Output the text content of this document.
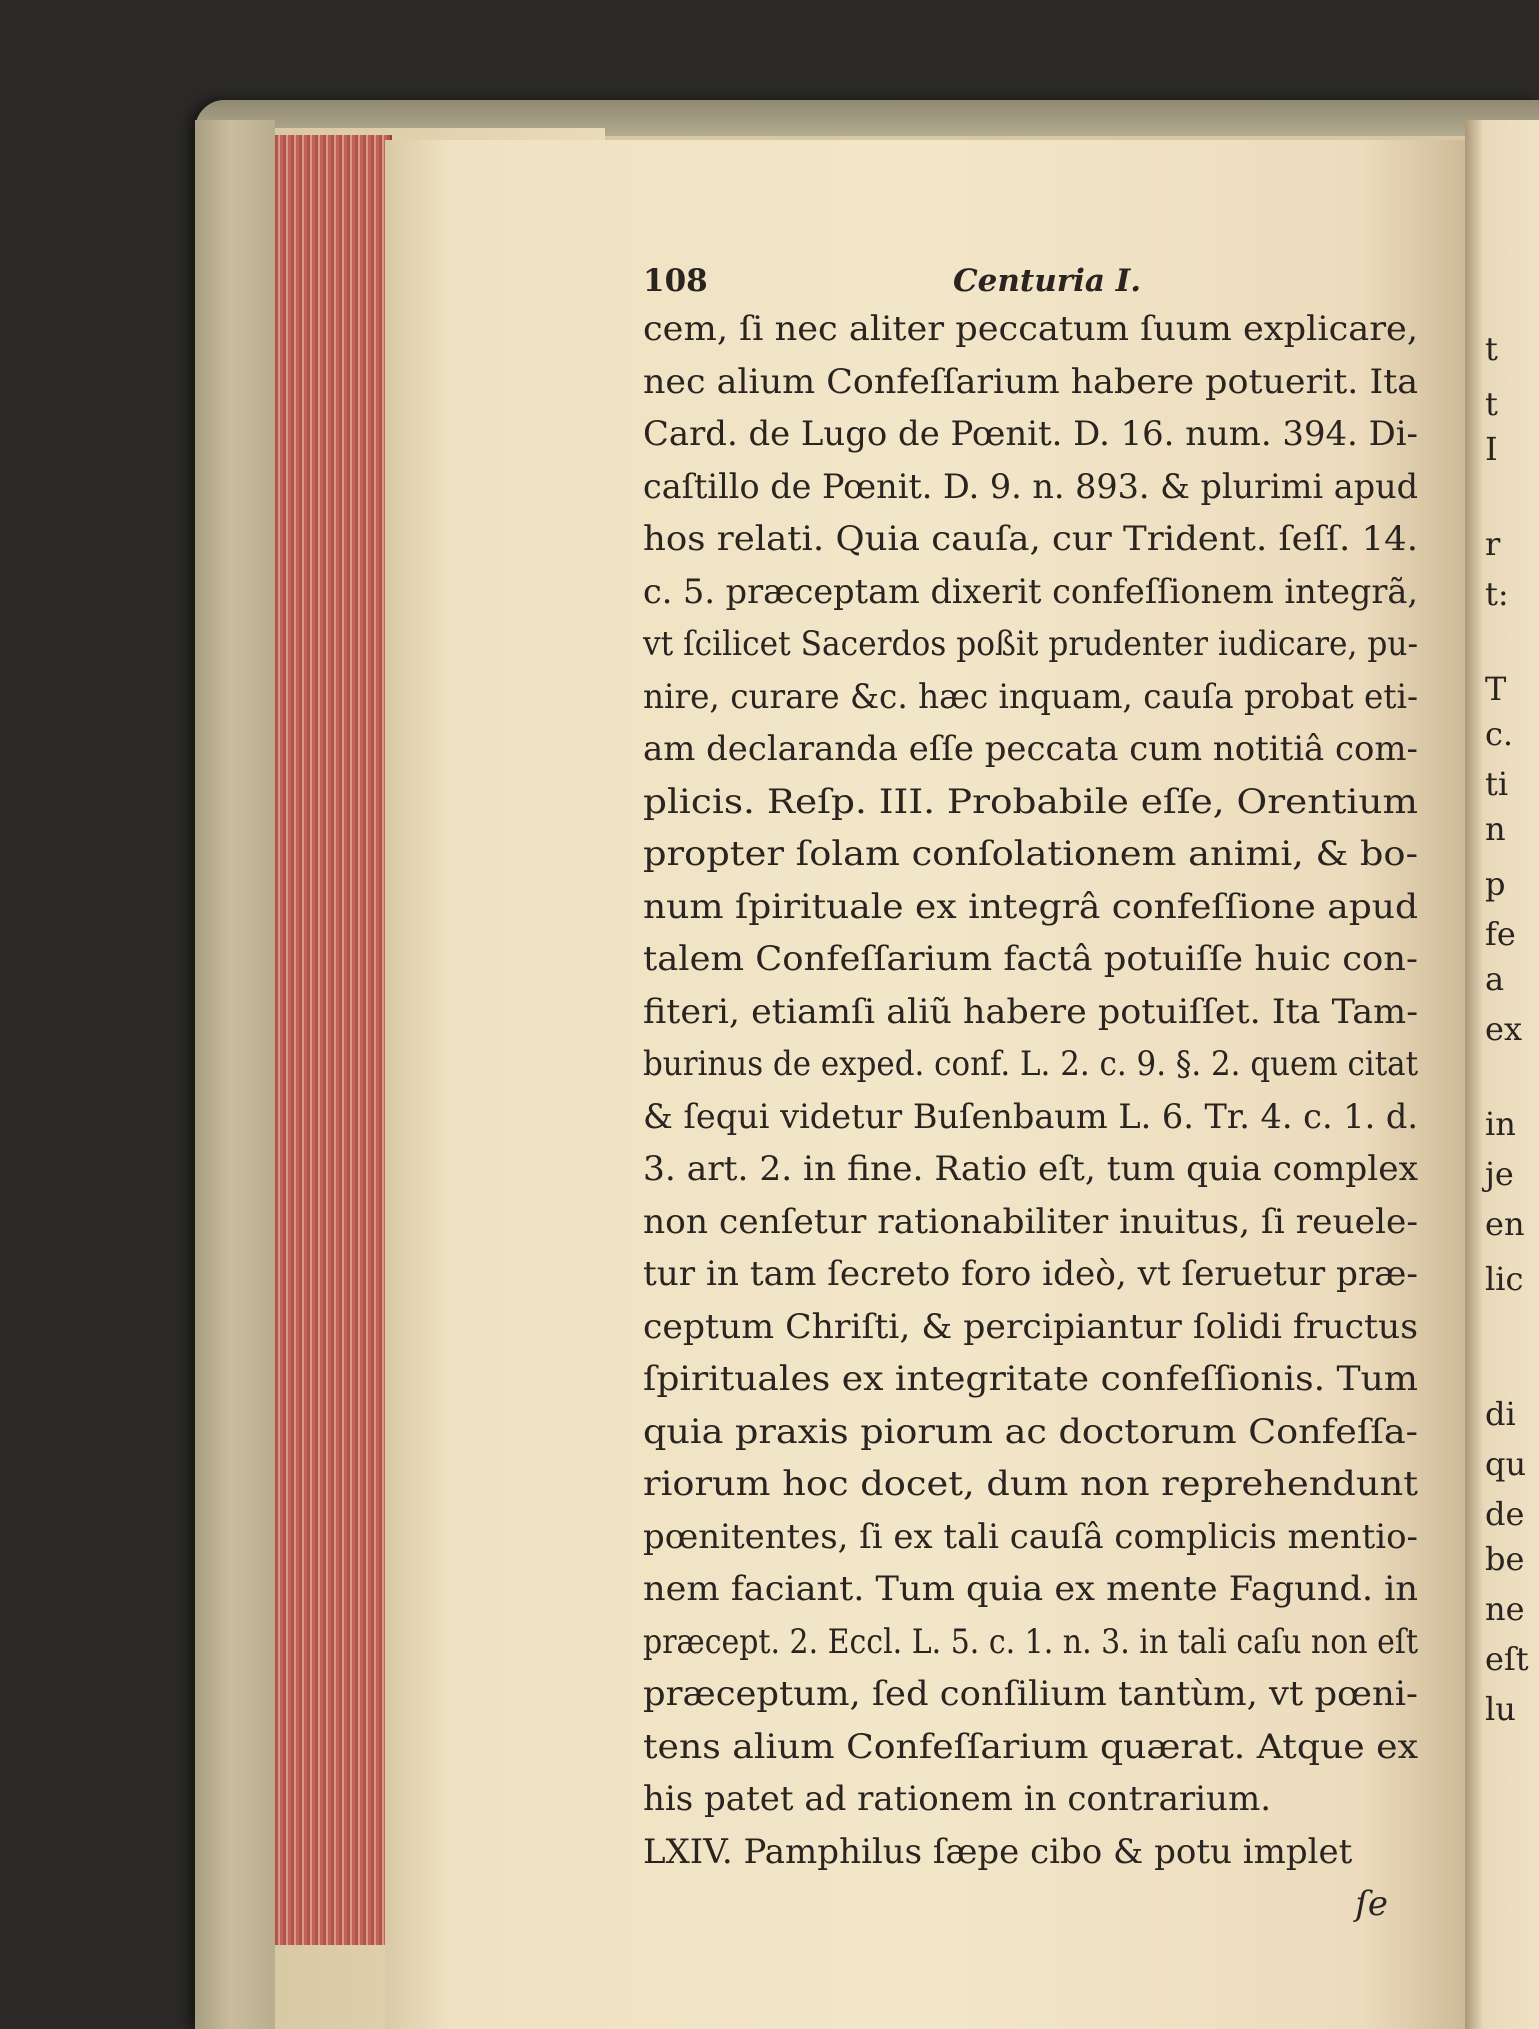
t
t
I
r
t:
T
c.
ti
n
p
fe
a
ex
in
je
en
lic
di
qu
de
be
ne
eſt
lu
108	Centuria I.
cem, ſi nec aliter peccatum ſuum explicare,
nec alium Confeſſarium habere potuerit. Ita
Card. de Lugo de Pœnit. D. 16. num. 394. Di-
caſtillo de Pœnit. D. 9. n. 893. & plurimi apud
hos relati. Quia cauſa, cur Trident. ſeſſ. 14.
c. 5. præceptam dixerit confeſſionem integrã,
vt ſcilicet Sacerdos poßit prudenter iudicare, pu-
nire, curare &c. hæc inquam, cauſa probat eti-
am declaranda eſſe peccata cum notitiâ com-
plicis. Reſp. III. Probabile eſſe, Orentium
propter ſolam conſolationem animi, & bo-
num ſpirituale ex integrâ confeſſione apud
talem Confeſſarium factâ potuiſſe huic con-
fiteri, etiamſi aliũ habere potuiſſet. Ita Tam-
burinus de exped. conf. L. 2. c. 9. §. 2. quem citat
& ſequi videtur Buſenbaum L. 6. Tr. 4. c. 1. d.
3. art. 2. in fine. Ratio eſt, tum quia complex
non cenſetur rationabiliter inuitus, ſi reuele-
tur in tam ſecreto foro ideò, vt ſeruetur præ-
ceptum Chriſti, & percipiantur ſolidi fructus
ſpirituales ex integritate confeſſionis. Tum
quia praxis piorum ac doctorum Confeſſa-
riorum hoc docet, dum non reprehendunt
pœnitentes, ſi ex tali cauſâ complicis mentio-
nem faciant. Tum quia ex mente Fagund. in
præcept. 2. Eccl. L. 5. c. 1. n. 3. in tali caſu non eſt
præceptum, ſed conſilium tantùm, vt pœni-
tens alium Confeſſarium quærat. Atque ex
his patet ad rationem in contrarium.
LXIV. Pamphilus ſæpe cibo & potu implet
ſe
